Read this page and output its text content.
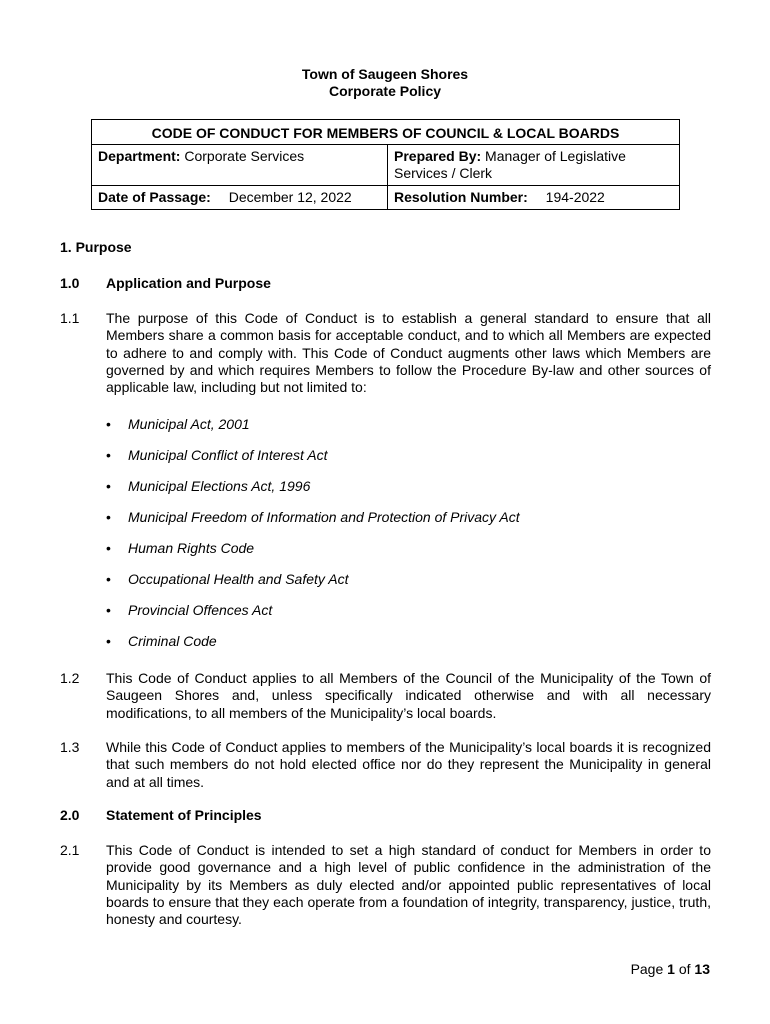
Town of Saugeen Shores
Corporate Policy
CODE OF CONDUCT FOR MEMBERS OF COUNCIL & LOCAL BOARDS	
Department: Corporate Services	Prepared By: Manager of Legislative Services / Clerk
Date of Passage: December 12, 2022	Resolution Number: 194-2022
1. Purpose
1.0 Application and Purpose
1.1 The purpose of this Code of Conduct is to establish a general standard to ensure that all Members share a common basis for acceptable conduct, and to which all Members are expected to adhere to and comply with. This Code of Conduct augments other laws which Members are governed by and which requires Members to follow the Procedure By-law and other sources of applicable law, including but not limited to:
• Municipal Act, 2001
• Municipal Conflict of Interest Act
• Municipal Elections Act, 1996
• Municipal Freedom of Information and Protection of Privacy Act
• Human Rights Code
• Occupational Health and Safety Act
• Provincial Offences Act
• Criminal Code
1.2 This Code of Conduct applies to all Members of the Council of the Municipality of the Town of Saugeen Shores and, unless specifically indicated otherwise and with all necessary modifications, to all members of the Municipality’s local boards.
1.3 While this Code of Conduct applies to members of the Municipality’s local boards it is recognized that such members do not hold elected office nor do they represent the Municipality in general and at all times.
2.0 Statement of Principles
2.1 This Code of Conduct is intended to set a high standard of conduct for Members in order to provide good governance and a high level of public confidence in the administration of the Municipality by its Members as duly elected and/or appointed public representatives of local boards to ensure that they each operate from a foundation of integrity, transparency, justice, truth, honesty and courtesy.
Page 1 of 13
